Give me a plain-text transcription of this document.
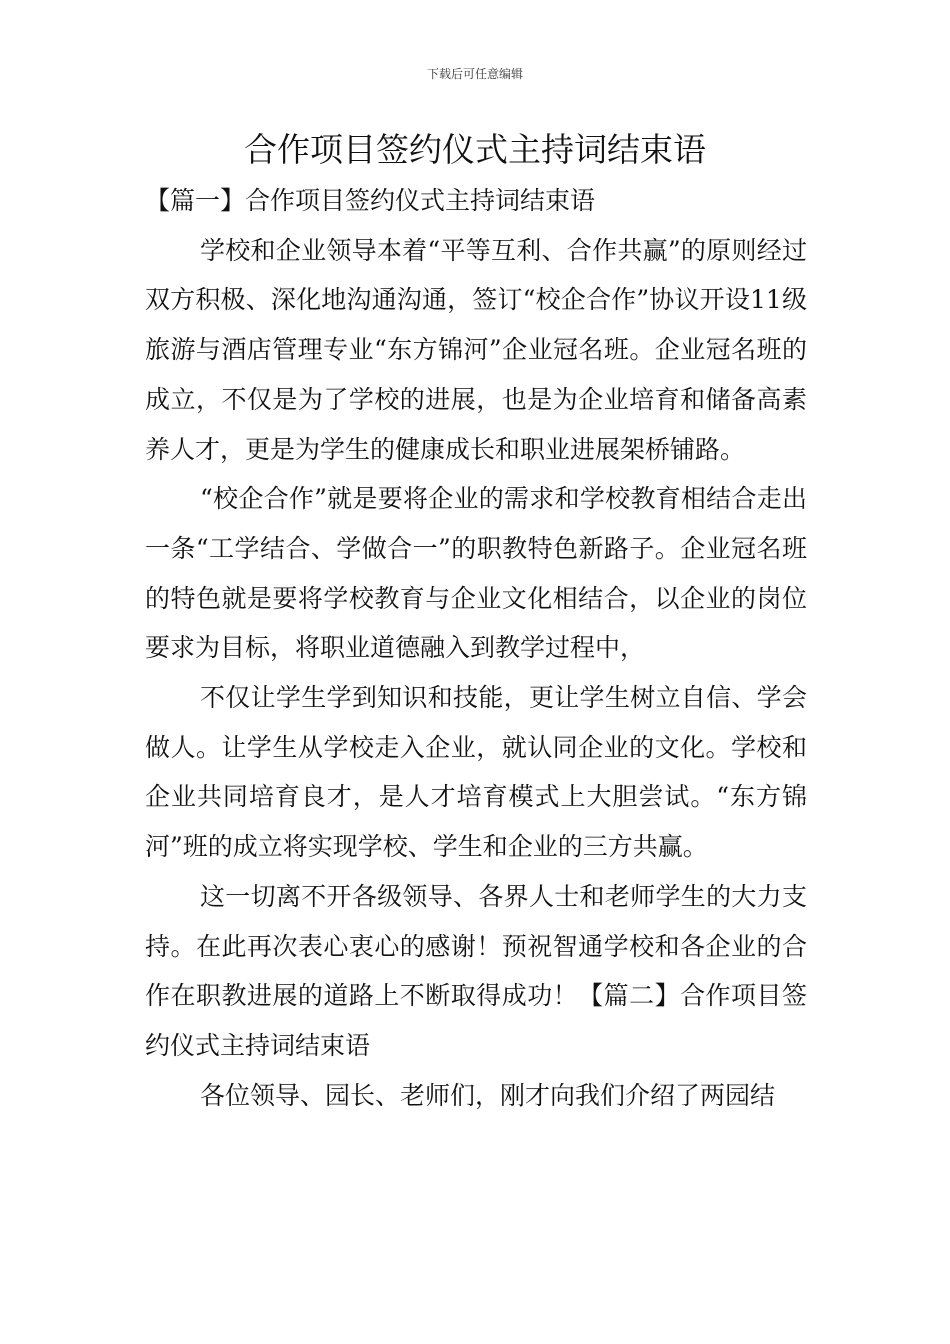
下载后可任意编辑
合作项目签约仪式主持词结束语

【篇一】合作项目签约仪式主持词结束语

学校和企业领导本着“平等互利、合作共赢”的原则经过双方积极、深化地沟通沟通，签订“校企合作”协议开设11级旅游与酒店管理专业“东方锦河”企业冠名班。企业冠名班的成立，不仅是为了学校的进展，也是为企业培育和储备高素养人才，更是为学生的健康成长和职业进展架桥铺路。

“校企合作”就是要将企业的需求和学校教育相结合走出一条“工学结合、学做合一”的职教特色新路子。企业冠名班的特色就是要将学校教育与企业文化相结合，以企业的岗位要求为目标，将职业道德融入到教学过程中，

不仅让学生学到知识和技能，更让学生树立自信、学会做人。让学生从学校走入企业，就认同企业的文化。学校和企业共同培育良才，是人才培育模式上大胆尝试。“东方锦河”班的成立将实现学校、学生和企业的三方共赢。

这一切离不开各级领导、各界人士和老师学生的大力支持。在此再次表心衷心的感谢！预祝智通学校和各企业的合作在职教进展的道路上不断取得成功！【篇二】合作项目签约仪式主持词结束语

各位领导、园长、老师们，刚才向我们介绍了两园结
